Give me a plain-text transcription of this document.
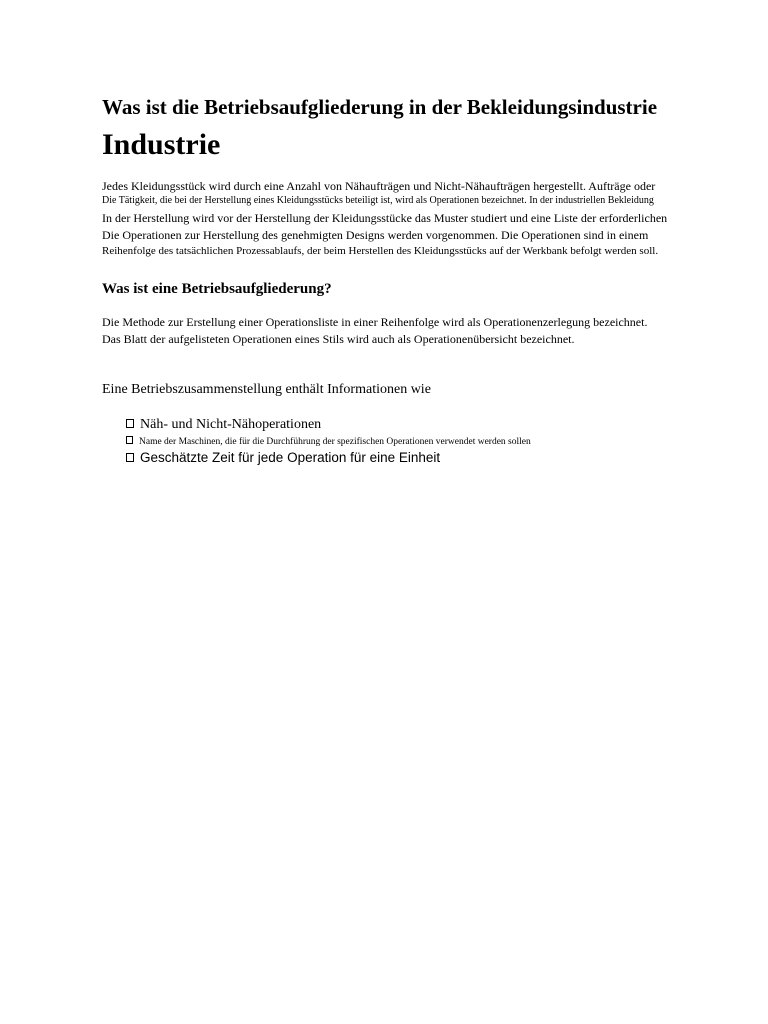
Was ist die Betriebsaufgliederung in der Bekleidungsindustrie
Industrie
Jedes Kleidungsstück wird durch eine Anzahl von Nähaufträgen und Nicht-Nähaufträgen hergestellt. Aufträge oder
Die Tätigkeit, die bei der Herstellung eines Kleidungsstücks beteiligt ist, wird als Operationen bezeichnet. In der industriellen Bekleidung
In der Herstellung wird vor der Herstellung der Kleidungsstücke das Muster studiert und eine Liste der erforderlichen
Die Operationen zur Herstellung des genehmigten Designs werden vorgenommen. Die Operationen sind in einem
Reihenfolge des tatsächlichen Prozessablaufs, der beim Herstellen des Kleidungsstücks auf der Werkbank befolgt werden soll.
Was ist eine Betriebsaufgliederung?
Die Methode zur Erstellung einer Operationsliste in einer Reihenfolge wird als Operationenzerlegung bezeichnet.
Das Blatt der aufgelisteten Operationen eines Stils wird auch als Operationenübersicht bezeichnet.
Eine Betriebszusammenstellung enthält Informationen wie
Näh- und Nicht-Nähoperationen
Name der Maschinen, die für die Durchführung der spezifischen Operationen verwendet werden sollen
Geschätzte Zeit für jede Operation für eine Einheit
